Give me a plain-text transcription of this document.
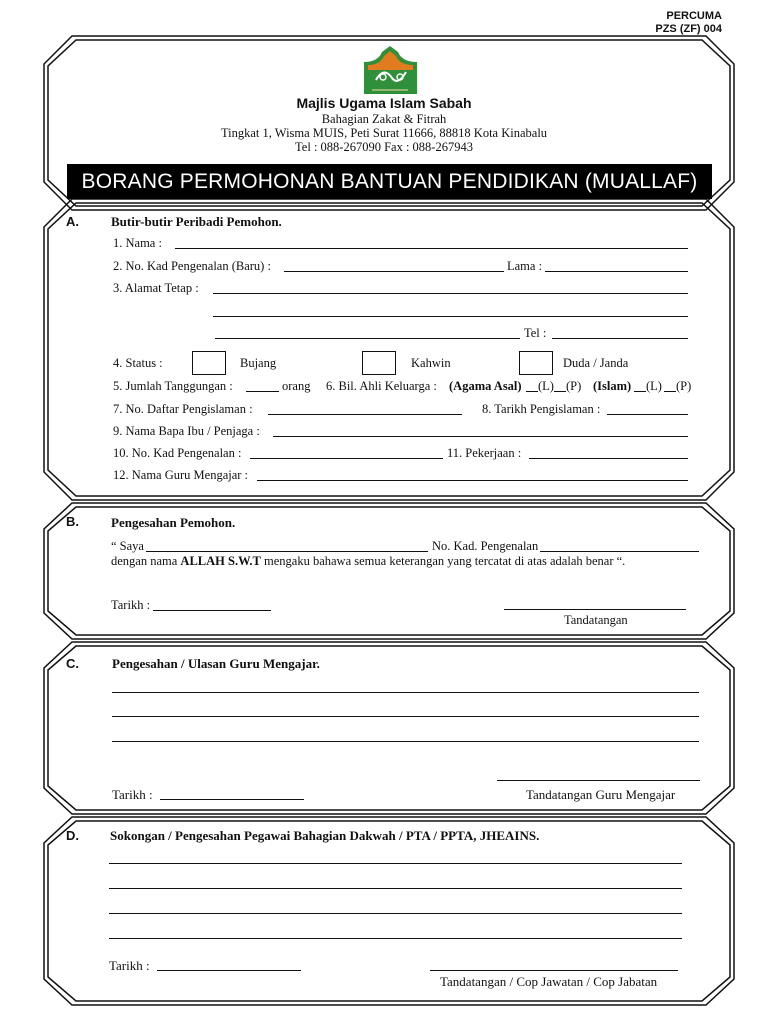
PERCUMA
PZS (ZF) 004
Majlis Ugama Islam Sabah
Bahagian Zakat & Fitrah
Tingkat 1, Wisma MUIS, Peti Surat 11666, 88818 Kota Kinabalu
Tel : 088-267090 Fax : 088-267943
BORANG PERMOHONAN BANTUAN PENDIDIKAN (MUALLAF)
A. Butir-butir Peribadi Pemohon.
1. Nama :
2. No. Kad Pengenalan (Baru) :	Lama :
3. Alamat Tetap :
Tel :
4. Status :	Bujang	Kahwin	Duda / Janda
5. Jumlah Tanggungan :	orang 6. Bil. Ahli Keluarga : (Agama Asal) (L) (P) (Islam) (L) (P)
7. No. Daftar Pengislaman :	8. Tarikh Pengislaman :
9. Nama Bapa Ibu / Penjaga :
10. No. Kad Pengenalan :	11. Pekerjaan :
12. Nama Guru Mengajar :
B. Pengesahan Pemohon.
“ Saya	No. Kad. Pengenalan
dengan nama ALLAH S.W.T mengaku bahawa semua keterangan yang tercatat di atas adalah benar “.
Tarikh :
Tandatangan
C.	Pengesahan / Ulasan Guru Mengajar.
Tarikh :	Tandatangan Guru Mengajar
D. Sokongan / Pengesahan Pegawai Bahagian Dakwah / PTA / PPTA, JHEAINS.
Tarikh :
Tandatangan / Cop Jawatan / Cop Jabatan
